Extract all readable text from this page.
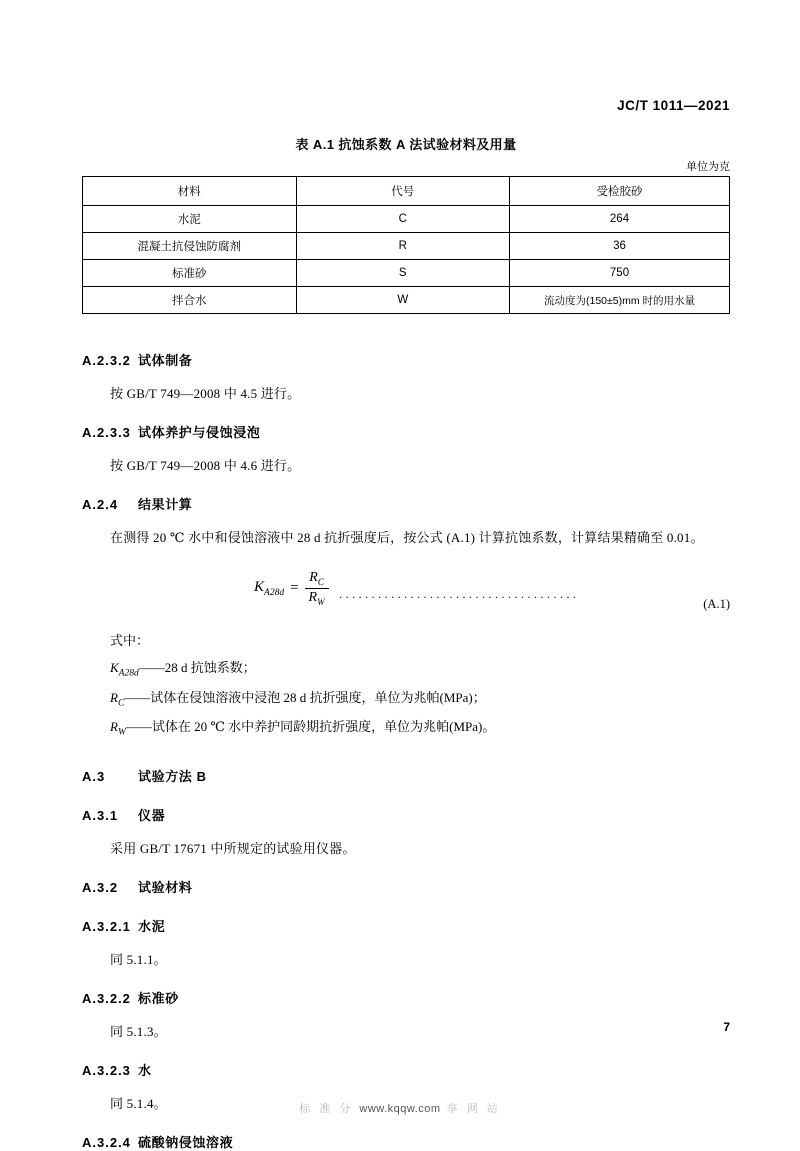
JC/T 1011—2021
表 A.1 抗蚀系数 A 法试验材料及用量
单位为克
材料	代号	受检胶砂
水泥	C	264
混凝土抗侵蚀防腐剂	R	36
标准砂	S	750
拌合水	W	流动度为(150±5)mm 时的用水量
A.2.3.2 试体制备
按 GB/T 749—2008 中 4.5 进行。
A.2.3.3 试体养护与侵蚀浸泡
按 GB/T 749—2008 中 4.6 进行。
A.2.4 结果计算
在测得 20 ℃ 水中和侵蚀溶液中 28 d 抗折强度后，按公式 (A.1) 计算抗蚀系数，计算结果精确至 0.01。
$K_{A28d} = \frac{R_C}{R_W}$ ·····································	(A.1)
式中：
$K_{A28d}——28$ d 抗蚀系数；
$R_C——$试体在侵蚀溶液中浸泡 28 d 抗折强度，单位为兆帕(MPa)；
$R_W——$试体在 20 ℃ 水中养护同龄期抗折强度，单位为兆帕(MPa)。
A.3	试验方法 B
A.3.1 仪器
采用 GB/T 17671 中所规定的试验用仪器。
A.3.2 试验材料
A.3.2.1 水泥
同 5.1.1。
A.3.2.2 标准砂
同 5.1.3。
A.3.2.3 水
同 5.1.4。
A.3.2.4 硫酸钠侵蚀溶液
7
标 准 分 www.kqqw.com 享 网 站
